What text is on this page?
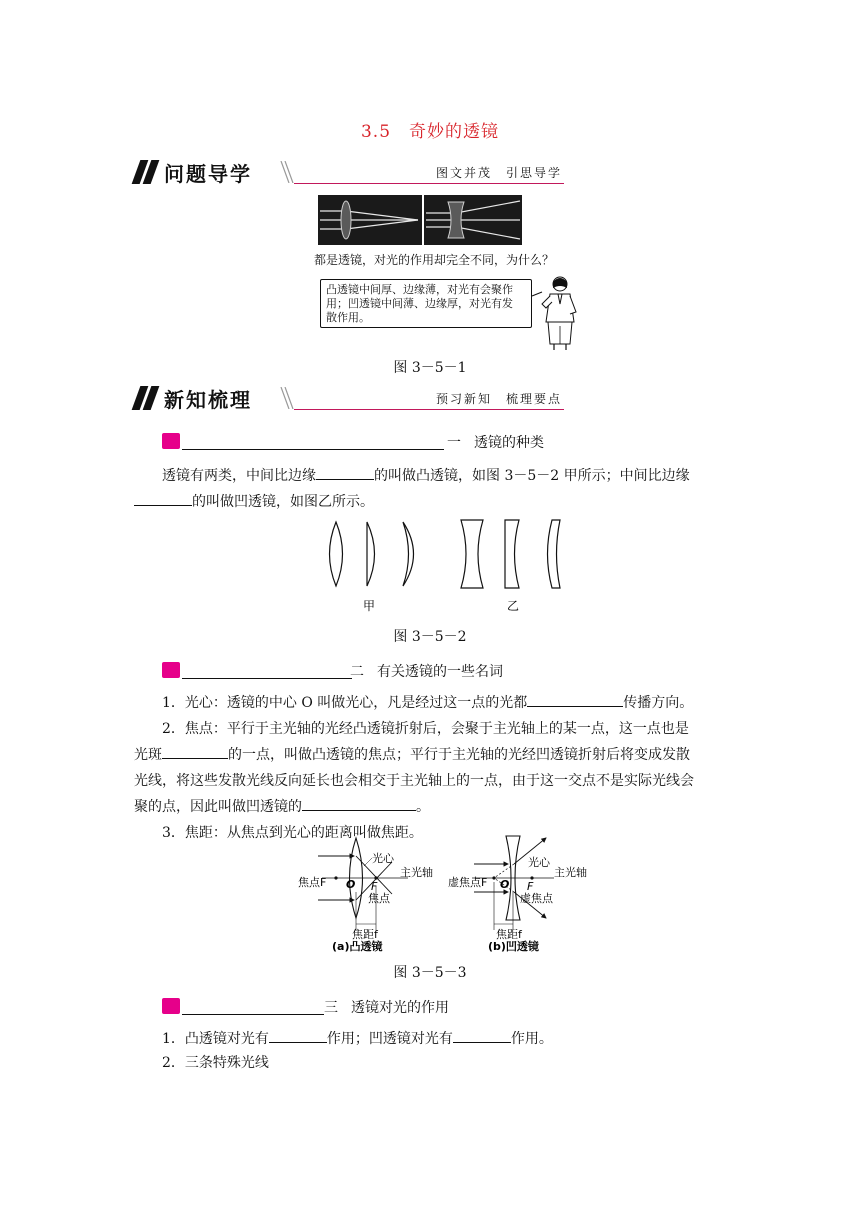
3.5　奇妙的透镜
问题导学	图文并茂　引思导学
都是透镜，对光的作用却完全不同，为什么？
凸透镜中间厚、边缘薄，对光有会聚作
用；凹透镜中间薄、边缘厚，对光有发
散作用。
图 3－5－1
新知梳理	预习新知　梳理要点
一 透镜的种类
透镜有两类，中间比边缘	的叫做凸透镜，如图 3－5－2 甲所示；中间比边缘
的叫做凹透镜，如图乙所示。
甲	乙
图 3－5－2
二 有关透镜的一些名词
1．光心：透镜的中心 O 叫做光心，凡是经过这一点的光都	传播方向。
2．焦点：平行于主光轴的光经凸透镜折射后，会聚于主光轴上的某一点，这一点也是
光斑	的一点，叫做凸透镜的焦点；平行于主光轴的光经凹透镜折射后将变成发散
光线，将这些发散光线反向延长也会相交于主光轴上的一点，由于这一交点不是实际光线会
聚的点，因此叫做凹透镜的	。
3．焦距：从焦点到光心的距离叫做焦距。
光心
主光轴
焦点F O F
焦点
焦距f
(a)凸透镜
光心
主光轴
虚焦点F O F
虚焦点
焦距f
(b)凹透镜
图 3－5－3
三 透镜对光的作用
1．凸透镜对光有	作用；凹透镜对光有	作用。
2．三条特殊光线
